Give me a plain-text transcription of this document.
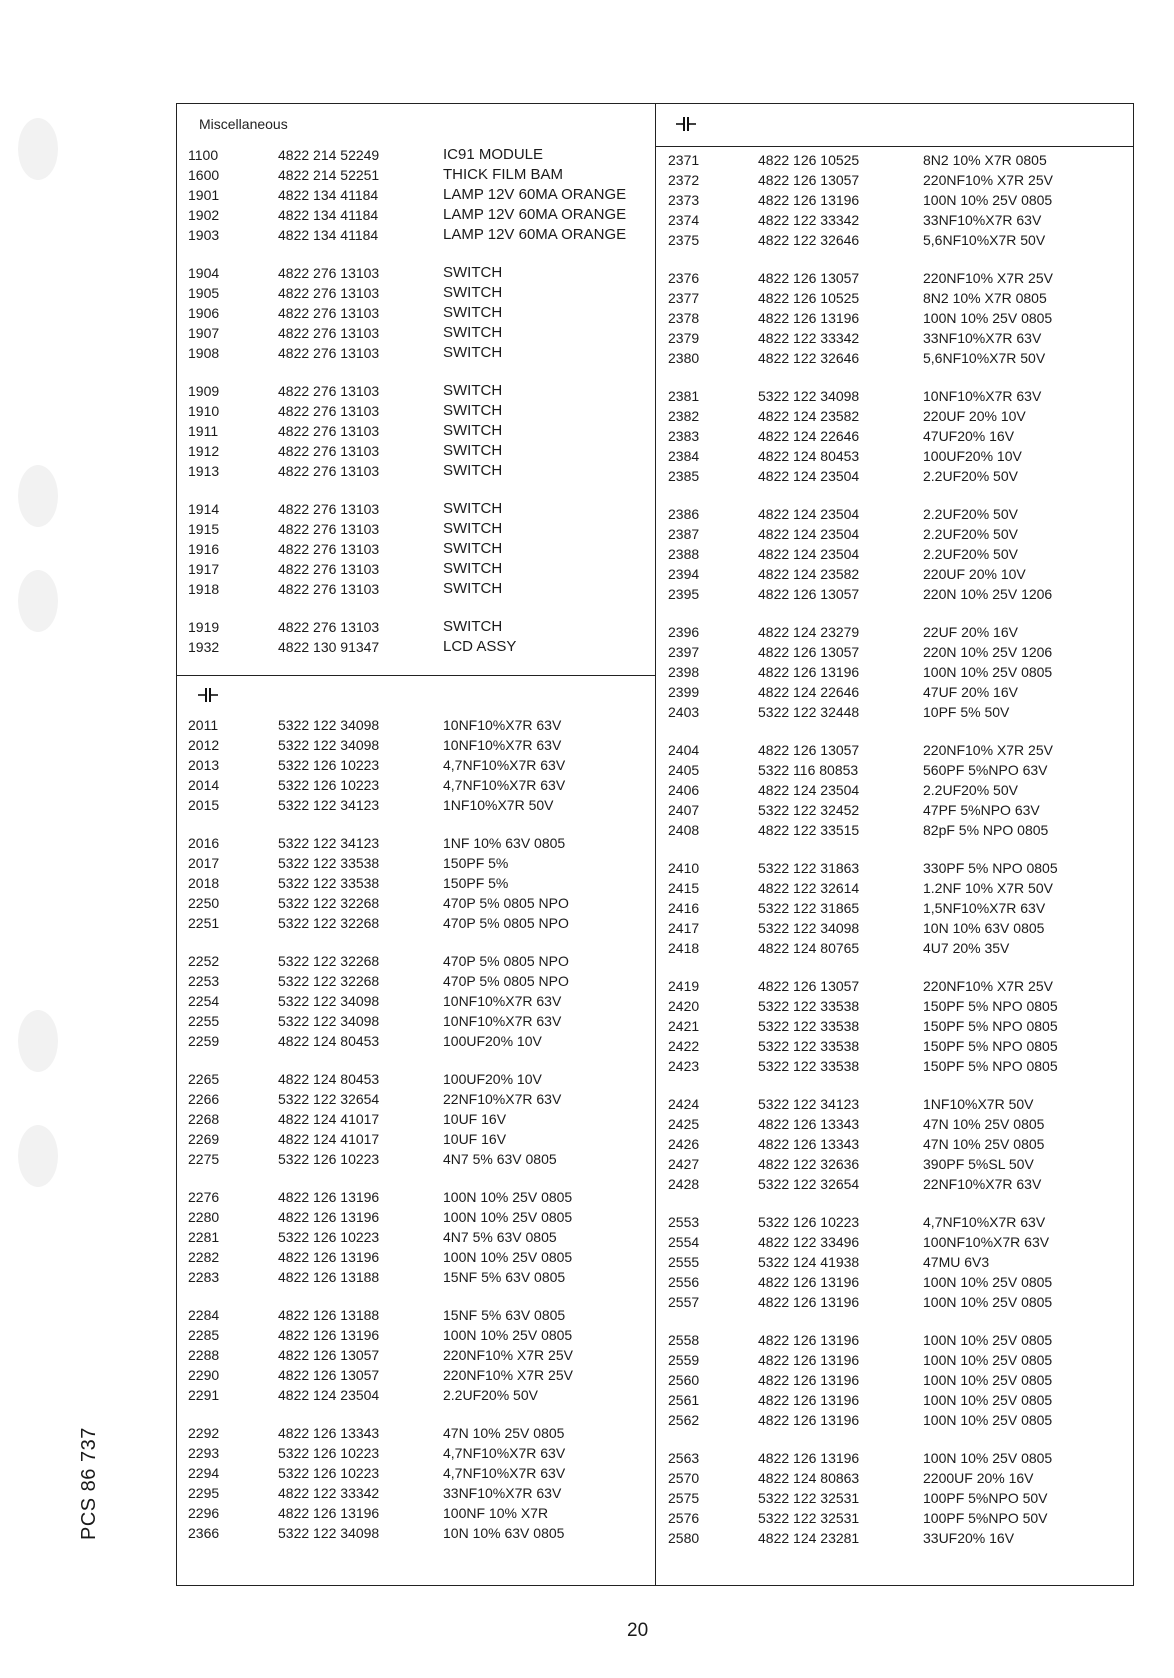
Miscellaneous
1100	4822 214 52249	IC91 MODULE
1600	4822 214 52251	THICK FILM BAM
1901	4822 134 41184	LAMP 12V 60MA ORANGE
1902	4822 134 41184	LAMP 12V 60MA ORANGE
1903	4822 134 41184	LAMP 12V 60MA ORANGE
1904	4822 276 13103	SWITCH
1905	4822 276 13103	SWITCH
1906	4822 276 13103	SWITCH
1907	4822 276 13103	SWITCH
1908	4822 276 13103	SWITCH
1909	4822 276 13103	SWITCH
1910	4822 276 13103	SWITCH
1911	4822 276 13103	SWITCH
1912	4822 276 13103	SWITCH
1913	4822 276 13103	SWITCH
1914	4822 276 13103	SWITCH
1915	4822 276 13103	SWITCH
1916	4822 276 13103	SWITCH
1917	4822 276 13103	SWITCH
1918	4822 276 13103	SWITCH
1919	4822 276 13103	SWITCH
1932	4822 130 91347	LCD ASSY
2011	5322 122 34098	10NF10%X7R 63V
2012	5322 122 34098	10NF10%X7R 63V
2013	5322 126 10223	4,7NF10%X7R 63V
2014	5322 126 10223	4,7NF10%X7R 63V
2015	5322 122 34123	1NF10%X7R 50V
2016	5322 122 34123	1NF 10% 63V 0805
2017	5322 122 33538	150PF 5%
2018	5322 122 33538	150PF 5%
2250	5322 122 32268	470P 5% 0805 NPO
2251	5322 122 32268	470P 5% 0805 NPO
2252	5322 122 32268	470P 5% 0805 NPO
2253	5322 122 32268	470P 5% 0805 NPO
2254	5322 122 34098	10NF10%X7R 63V
2255	5322 122 34098	10NF10%X7R 63V
2259	4822 124 80453	100UF20% 10V
2265	4822 124 80453	100UF20% 10V
2266	5322 122 32654	22NF10%X7R 63V
2268	4822 124 41017	10UF 16V
2269	4822 124 41017	10UF 16V
2275	5322 126 10223	4N7 5% 63V 0805
2276	4822 126 13196	100N 10% 25V 0805
2280	4822 126 13196	100N 10% 25V 0805
2281	5322 126 10223	4N7 5% 63V 0805
2282	4822 126 13196	100N 10% 25V 0805
2283	4822 126 13188	15NF 5% 63V 0805
2284	4822 126 13188	15NF 5% 63V 0805
2285	4822 126 13196	100N 10% 25V 0805
2288	4822 126 13057	220NF10% X7R 25V
2290	4822 126 13057	220NF10% X7R 25V
2291	4822 124 23504	2.2UF20% 50V
2292	4822 126 13343	47N 10% 25V 0805
2293	5322 126 10223	4,7NF10%X7R 63V
2294	5322 126 10223	4,7NF10%X7R 63V
2295	4822 122 33342	33NF10%X7R 63V
2296	4822 126 13196	100NF 10% X7R
2366	5322 122 34098	10N 10% 63V 0805
2371	4822 126 10525	8N2 10% X7R 0805
2372	4822 126 13057	220NF10% X7R 25V
2373	4822 126 13196	100N 10% 25V 0805
2374	4822 122 33342	33NF10%X7R 63V
2375	4822 122 32646	5,6NF10%X7R 50V
2376	4822 126 13057	220NF10% X7R 25V
2377	4822 126 10525	8N2 10% X7R 0805
2378	4822 126 13196	100N 10% 25V 0805
2379	4822 122 33342	33NF10%X7R 63V
2380	4822 122 32646	5,6NF10%X7R 50V
2381	5322 122 34098	10NF10%X7R 63V
2382	4822 124 23582	220UF 20% 10V
2383	4822 124 22646	47UF20% 16V
2384	4822 124 80453	100UF20% 10V
2385	4822 124 23504	2.2UF20% 50V
2386	4822 124 23504	2.2UF20% 50V
2387	4822 124 23504	2.2UF20% 50V
2388	4822 124 23504	2.2UF20% 50V
2394	4822 124 23582	220UF 20% 10V
2395	4822 126 13057	220N 10% 25V 1206
2396	4822 124 23279	22UF 20% 16V
2397	4822 126 13057	220N 10% 25V 1206
2398	4822 126 13196	100N 10% 25V 0805
2399	4822 124 22646	47UF 20% 16V
2403	5322 122 32448	10PF 5% 50V
2404	4822 126 13057	220NF10% X7R 25V
2405	5322 116 80853	560PF 5%NPO 63V
2406	4822 124 23504	2.2UF20% 50V
2407	5322 122 32452	47PF 5%NPO 63V
2408	4822 122 33515	82pF 5% NPO 0805
2410	5322 122 31863	330PF 5% NPO 0805
2415	4822 122 32614	1.2NF 10% X7R 50V
2416	5322 122 31865	1,5NF10%X7R 63V
2417	5322 122 34098	10N 10% 63V 0805
2418	4822 124 80765	4U7 20% 35V
2419	4822 126 13057	220NF10% X7R 25V
2420	5322 122 33538	150PF 5% NPO 0805
2421	5322 122 33538	150PF 5% NPO 0805
2422	5322 122 33538	150PF 5% NPO 0805
2423	5322 122 33538	150PF 5% NPO 0805
2424	5322 122 34123	1NF10%X7R 50V
2425	4822 126 13343	47N 10% 25V 0805
2426	4822 126 13343	47N 10% 25V 0805
2427	4822 122 32636	390PF 5%SL 50V
2428	5322 122 32654	22NF10%X7R 63V
2553	5322 126 10223	4,7NF10%X7R 63V
2554	4822 122 33496	100NF10%X7R 63V
2555	5322 124 41938	47MU 6V3
2556	4822 126 13196	100N 10% 25V 0805
2557	4822 126 13196	100N 10% 25V 0805
2558	4822 126 13196	100N 10% 25V 0805
2559	4822 126 13196	100N 10% 25V 0805
2560	4822 126 13196	100N 10% 25V 0805
2561	4822 126 13196	100N 10% 25V 0805
2562	4822 126 13196	100N 10% 25V 0805
2563	4822 126 13196	100N 10% 25V 0805
2570	4822 124 80863	2200UF 20% 16V
2575	5322 122 32531	100PF 5%NPO 50V
2576	5322 122 32531	100PF 5%NPO 50V
2580	4822 124 23281	33UF20% 16V
PCS 86 737
20
